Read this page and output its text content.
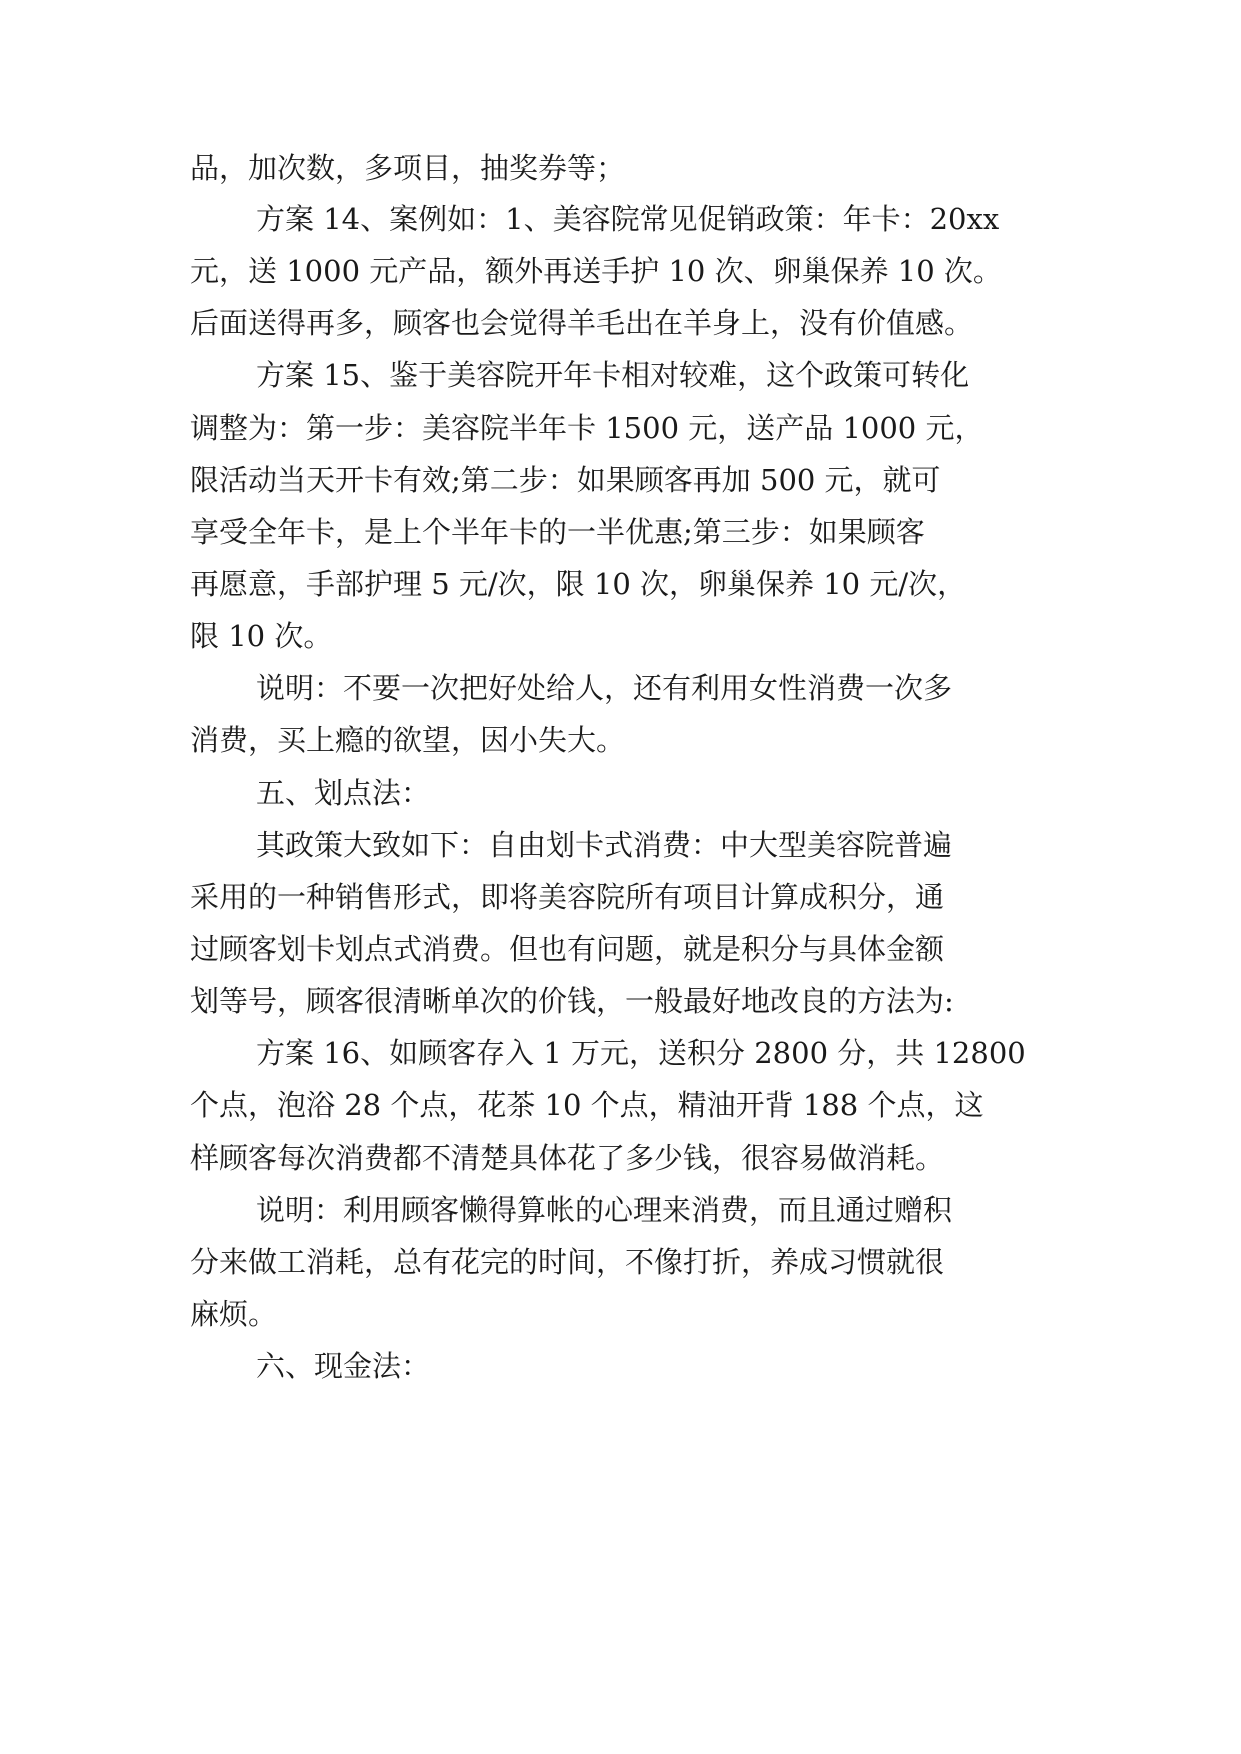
品，加次数，多项目，抽奖券等；
方案 14、案例如：1、美容院常见促销政策：年卡：20xx
元，送 1000 元产品，额外再送手护 10 次、卵巢保养 10 次。
后面送得再多，顾客也会觉得羊毛出在羊身上，没有价值感。
方案 15、鉴于美容院开年卡相对较难，这个政策可转化
调整为：第一步：美容院半年卡 1500 元，送产品 1000 元，
限活动当天开卡有效;第二步：如果顾客再加 500 元，就可
享受全年卡，是上个半年卡的一半优惠;第三步：如果顾客
再愿意，手部护理 5 元/次，限 10 次，卵巢保养 10 元/次，
限 10 次。
说明：不要一次把好处给人，还有利用女性消费一次多
消费，买上瘾的欲望，因小失大。
五、划点法：
其政策大致如下：自由划卡式消费：中大型美容院普遍
采用的一种销售形式，即将美容院所有项目计算成积分，通
过顾客划卡划点式消费。但也有问题，就是积分与具体金额
划等号，顾客很清晰单次的价钱，一般最好地改良的方法为:
方案 16、如顾客存入 1 万元，送积分 2800 分，共 12800
个点，泡浴 28 个点，花茶 10 个点，精油开背 188 个点，这
样顾客每次消费都不清楚具体花了多少钱，很容易做消耗。
说明：利用顾客懒得算帐的心理来消费，而且通过赠积
分来做工消耗，总有花完的时间，不像打折，养成习惯就很
麻烦。
六、现金法：
